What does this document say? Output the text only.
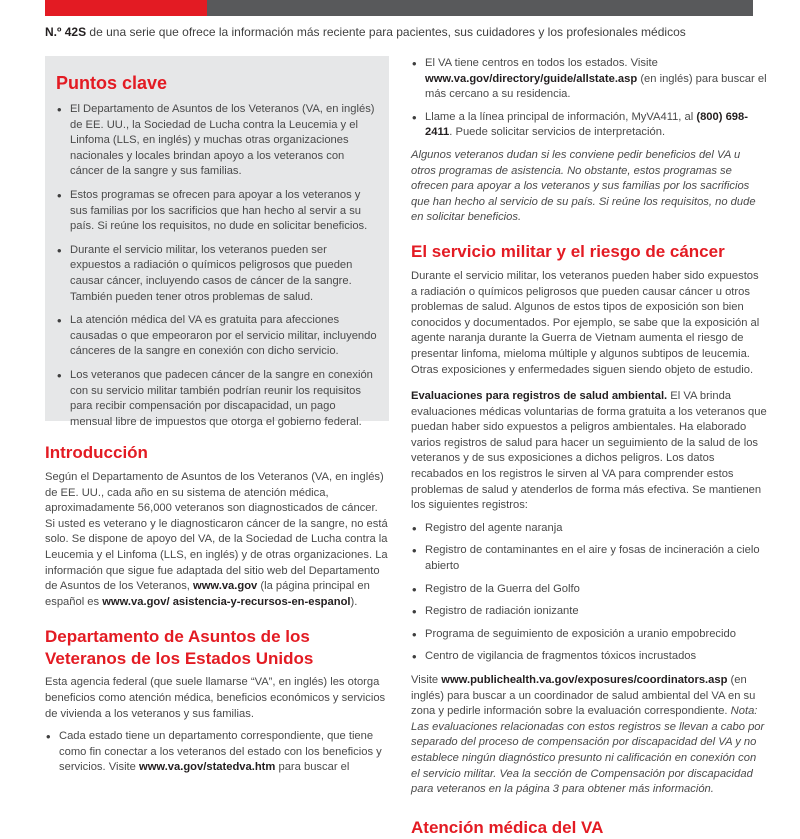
N.º 42S de una serie que ofrece la información más reciente para pacientes, sus cuidadores y los profesionales médicos
Puntos clave
• El Departamento de Asuntos de los Veteranos (VA, en inglés) de EE. UU., la Sociedad de Lucha contra la Leucemia y el Linfoma (LLS, en inglés) y muchas otras organizaciones nacionales y locales brindan apoyo a los veteranos con cáncer de la sangre y sus familias.
• Estos programas se ofrecen para apoyar a los veteranos y sus familias por los sacrificios que han hecho al servir a su país. Si reúne los requisitos, no dude en solicitar beneficios.
• Durante el servicio militar, los veteranos pueden ser expuestos a radiación o químicos peligrosos que pueden causar cáncer, incluyendo casos de cáncer de la sangre. También pueden tener otros problemas de salud.
• La atención médica del VA es gratuita para afecciones causadas o que empeoraron por el servicio militar, incluyendo cánceres de la sangre en conexión con dicho servicio.
• Los veteranos que padecen cáncer de la sangre en conexión con su servicio militar también podrían reunir los requisitos para recibir compensación por discapacidad, un pago mensual libre de impuestos que otorga el gobierno federal.
Introducción

Según el Departamento de Asuntos de los Veteranos (VA, en inglés) de EE. UU., cada año en su sistema de atención médica, aproximadamente 56,000 veteranos son diagnosticados de cáncer. Si usted es veterano y le diagnosticaron cáncer de la sangre, no está solo. Se dispone de apoyo del VA, de la Sociedad de Lucha contra la Leucemia y el Linfoma (LLS, en inglés) y de otras organizaciones. La información que sigue fue adaptada del sitio web del Departamento de Asuntos de los Veteranos, www.va.gov (la página principal en español es www.va.gov/ asistencia-y-recursos-en-espanol).

Departamento de Asuntos de los Veteranos de los Estados Unidos

Esta agencia federal (que suele llamarse “VA”, en inglés) les otorga beneficios como atención médica, beneficios económicos y servicios de vivienda a los veteranos y sus familias.

• Cada estado tiene un departamento correspondiente, que tiene como fin conectar a los veteranos del estado con los beneficios y servicios. Visite www.va.gov/statedva.htm para buscar el
• El VA tiene centros en todos los estados. Visite www.va.gov/directory/guide/allstate.asp (en inglés) para buscar el más cercano a su residencia.
• Llame a la línea principal de información, MyVA411, al (800) 698-2411. Puede solicitar servicios de interpretación.

Algunos veteranos dudan si les conviene pedir beneficios del VA u otros programas de asistencia. No obstante, estos programas se ofrecen para apoyar a los veteranos y sus familias por los sacrificios que han hecho al servicio de su país. Si reúne los requisitos, no dude en solicitar beneficios.

El servicio militar y el riesgo de cáncer

Durante el servicio militar, los veteranos pueden haber sido expuestos a radiación o químicos peligrosos que pueden causar cáncer u otros problemas de salud. Algunos de estos tipos de exposición son bien conocidos y documentados. Por ejemplo, se sabe que la exposición al agente naranja durante la Guerra de Vietnam aumenta el riesgo de presentar linfoma, mieloma múltiple y algunos subtipos de leucemia. Otras exposiciones y enfermedades siguen siendo objeto de estudio.

Evaluaciones para registros de salud ambiental. El VA brinda evaluaciones médicas voluntarias de forma gratuita a los veteranos que puedan haber sido expuestos a peligros ambientales. Ha elaborado varios registros de salud para hacer un seguimiento de la salud de los veteranos y de sus exposiciones a dichos peligros. Los datos recabados en los registros le sirven al VA para comprender estos problemas de salud y atenderlos de forma más efectiva. Se mantienen los siguientes registros:

• Registro del agente naranja
• Registro de contaminantes en el aire y fosas de incineración a cielo abierto
• Registro de la Guerra del Golfo
• Registro de radiación ionizante
• Programa de seguimiento de exposición a uranio empobrecido
• Centro de vigilancia de fragmentos tóxicos incrustados

Visite www.publichealth.va.gov/exposures/coordinators.asp (en inglés) para buscar a un coordinador de salud ambiental del VA en su zona y pedirle información sobre la evaluación correspondiente. Nota: Las evaluaciones relacionadas con estos registros se llevan a cabo por separado del proceso de compensación por discapacidad del VA y no establece ningún diagnóstico presunto ni calificación en conexión con el servicio militar. Vea la sección de Compensación por discapacidad para veteranos en la página 3 para obtener más información.

Atención médica del VA
